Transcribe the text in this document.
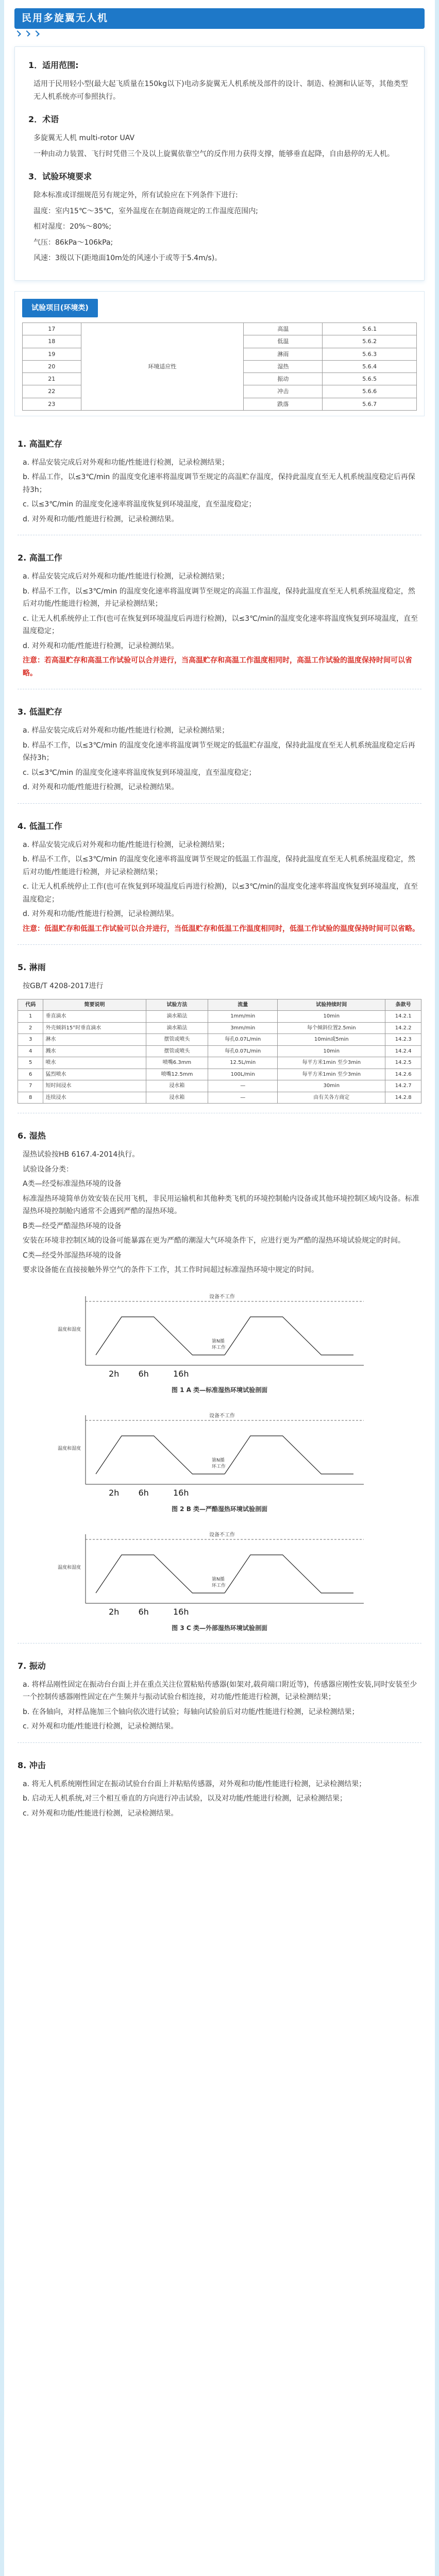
民用多旋翼无人机
1．适用范围:
适用于民用轻小型(最大起飞质量在150kg以下)电动多旋翼无人机系统及部件的设计、制造、检测和认证等，其他类型无人机系统亦可参照执行。
2．术语
多旋翼无人机 multi-rotor UAV
一种由动力装置、飞行时凭借三个及以上旋翼依靠空气的反作用力获得支撑，能够垂直起降，自由悬停的无人机。
3．试验环境要求
除本标准或详细规范另有规定外，所有试验应在下列条件下进行:
温度：室内15℃～35℃，室外温度在在制造商规定的工作温度范围内;
相对湿度：20%～80%;
气压：86kPa～106kPa;
风速：3级以下(距地面10m处的风速小于或等于5.4m/s)。
试验项目(环境类)
17	环境适应性	高温	5.6.1
18		低温	5.6.2
19		淋雨	5.6.3
20		湿热	5.6.4
21		振动	5.6.5
22		冲击	5.6.6
23		跌落	5.6.7
1. 高温贮存
a. 样品安装完成后对外观和功能/性能进行检测，记录检测结果；
b. 样品工作，以≤3℃/min 的温度变化速率将温度调节至规定的高温贮存温度，保持此温度直至无人机系统温度稳定后再保持3h；
c. 以≤3℃/min 的温度变化速率将温度恢复到环境温度，直至温度稳定；
d. 对外观和功能/性能进行检测，记录检测结果。
2. 高温工作
a. 样品安装完成后对外观和功能/性能进行检测，记录检测结果；
b. 样品不工作，以≤3℃/min 的温度变化速率将温度调节至规定的高温工作温度，保持此温度直至无人机系统温度稳定，然后对功能/性能进行检测，并记录检测结果；
c. 让无人机系统停止工作(也可在恢复到环境温度后再进行检测)，以≤3℃/min的温度变化速率将温度恢复到环境温度，直至温度稳定；
d. 对外观和功能/性能进行检测，记录检测结果。
注意：若高温贮存和高温工作试验可以合并进行，当高温贮存和高温工作温度相同时，高温工作试验的温度保持时间可以省略。
3. 低温贮存
a. 样品安装完成后对外观和功能/性能进行检测，记录检测结果；
b. 样品不工作，以≤3℃/min 的温度变化速率将温度调节至规定的低温贮存温度，保持此温度直至无人机系统温度稳定后再保持3h；
c. 以≤3℃/min 的温度变化速率将温度恢复到环境温度，直至温度稳定；
d. 对外观和功能/性能进行检测，记录检测结果。
4. 低温工作
a. 样品安装完成后对外观和功能/性能进行检测，记录检测结果；
b. 样品不工作，以≤3℃/min 的温度变化速率将温度调节至规定的低温工作温度，保持此温度直至无人机系统温度稳定，然后对功能/性能进行检测，并记录检测结果；
c. 让无人机系统停止工作(也可在恢复到环境温度后再进行检测)，以≤3℃/min的温度变化速率将温度恢复到环境温度，直至温度稳定；
d. 对外观和功能/性能进行检测，记录检测结果。
注意：低温贮存和低温工作试验可以合并进行，当低温贮存和低温工作温度相同时，低温工作试验的温度保持时间可以省略。
5. 淋雨
按GB/T 4208-2017进行
代码	简要说明	试验方法	流量	试验持续时间	条款号
1	垂直滴水	滴水箱法	1mm/min	10min	14.2.1
2	外壳倾斜15°时垂直滴水	滴水箱法	3mm/min	每个倾斜位置2.5min	14.2.2
3	淋水	摆管或喷头	每孔0.07L/min	10min或5min	14.2.3
4	溅水	摆管或喷头	每孔0.07L/min	10min	14.2.4
5	喷水	喷嘴6.3mm	12.5L/min	每平方米1min 至少3min	14.2.5
6	猛烈喷水	喷嘴12.5mm	100L/min	每平方米1min 至少3min	14.2.6
7	短时间浸水	浸水箱	—	30min	14.2.7
8	连续浸水	浸水箱	—	由有关各方商定	14.2.8
6. 湿热
湿热试验按HB 6167.4-2014执行。
试验设备分类：
A类—经受标准湿热环境的设备
标准湿热环境简单仿效安装在民用飞机，非民用运输机和其他种类飞机的环境控制舱内设备或其他环境控制区域内设备。标准湿热环境控制舱内通常不会遇到严酷的湿热环境。
B类—经受严酷湿热环境的设备
安装在环境非控制区域的设备可能暴露在更为严酷的潮湿大气环境条件下，应进行更为严酷的湿热环境试验规定的时间。
C类—经受外部湿热环境的设备
要求设备能在直接接触外界空气的条件下工作，其工作时间超过标准湿热环境中规定的时间。
设备不工作
温度和湿度
第N循
环工作
2h 6h	16h
图 1 A 类—标准湿热环境试验剖面
设备不工作
温度和湿度
第N循
环工作
2h 6h	16h
图 2 B 类—严酷湿热环境试验剖面
设备不工作
温度和湿度
第N循
环工作
2h 6h	16h
图 3 C 类—外部湿热环境试验剖面
7. 振动
a. 将样品刚性固定在振动台台面上并在重点关注位置粘贴传感器(如架对,载荷端口附近等)，传感器应刚性安装,同时安装至少一个控制传感器刚性固定在产生频并与振动试验台相连接，对功能/性能进行检测，记录检测结果；
b. 在各轴向，对样品施加三个轴向依次进行试验；每轴向试验前后对功能/性能进行检测，记录检测结果；
c. 对外观和功能/性能进行检测，记录检测结果。
8. 冲击
a. 将无人机系统刚性固定在振动试验台台面上并粘贴传感器，对外观和功能/性能进行检测，记录检测结果；
b. 启动无人机系统,对三个相互垂直的方向进行冲击试验，以及对功能/性能进行检测，记录检测结果；
c. 对外观和功能/性能进行检测，记录检测结果。
